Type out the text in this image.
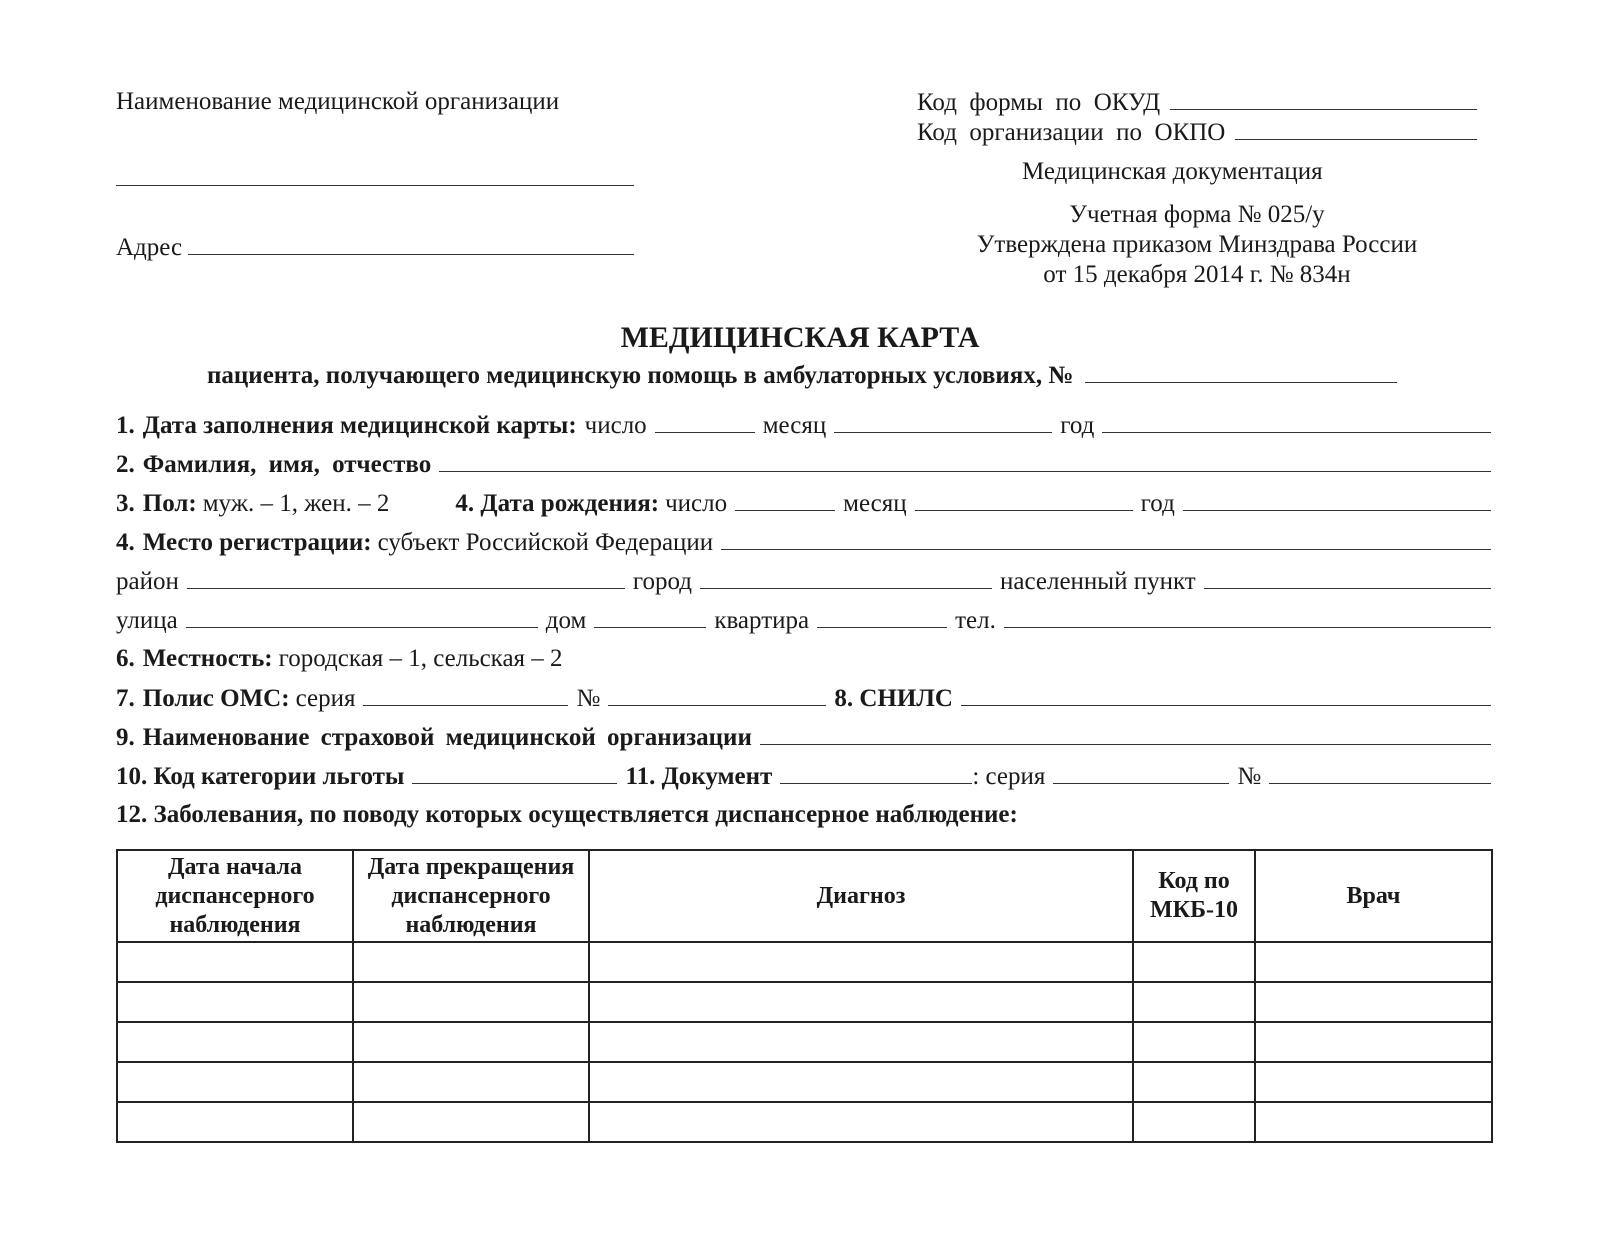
Наименование медицинской организации
Адрес
Код  формы  по  ОКУД
Код  организации  по  ОКПО
Медицинская документация
Учетная форма № 025/у
Утверждена приказом Минздрава России
от 15 декабря 2014 г. № 834н
МЕДИЦИНСКАЯ КАРТА
пациента, получающего медицинскую помощь в амбулаторных условиях, №
1. Дата заполнения медицинской карты: число	месяц	год
2. Фамилия, имя, отчество
3. Пол: муж. – 1, жен. – 2	4. Дата рождения: число	месяц	год
4. Место регистрации: субъект Российской Федерации
район	город	населенный пункт
улица	дом	квартира	тел.
6. Местность: городская – 1, сельская – 2
7. Полис ОМС: серия	№	8. СНИЛС
9. Наименование страховой медицинской организации
10. Код категории льготы	11. Документ	: серия	№
12. Заболевания, по поводу которых осуществляется диспансерное наблюдение:
Дата начала диспансерного наблюдения	Дата прекращения диспансерного наблюдения	Диагноз	Код по МКБ-10	Врач
